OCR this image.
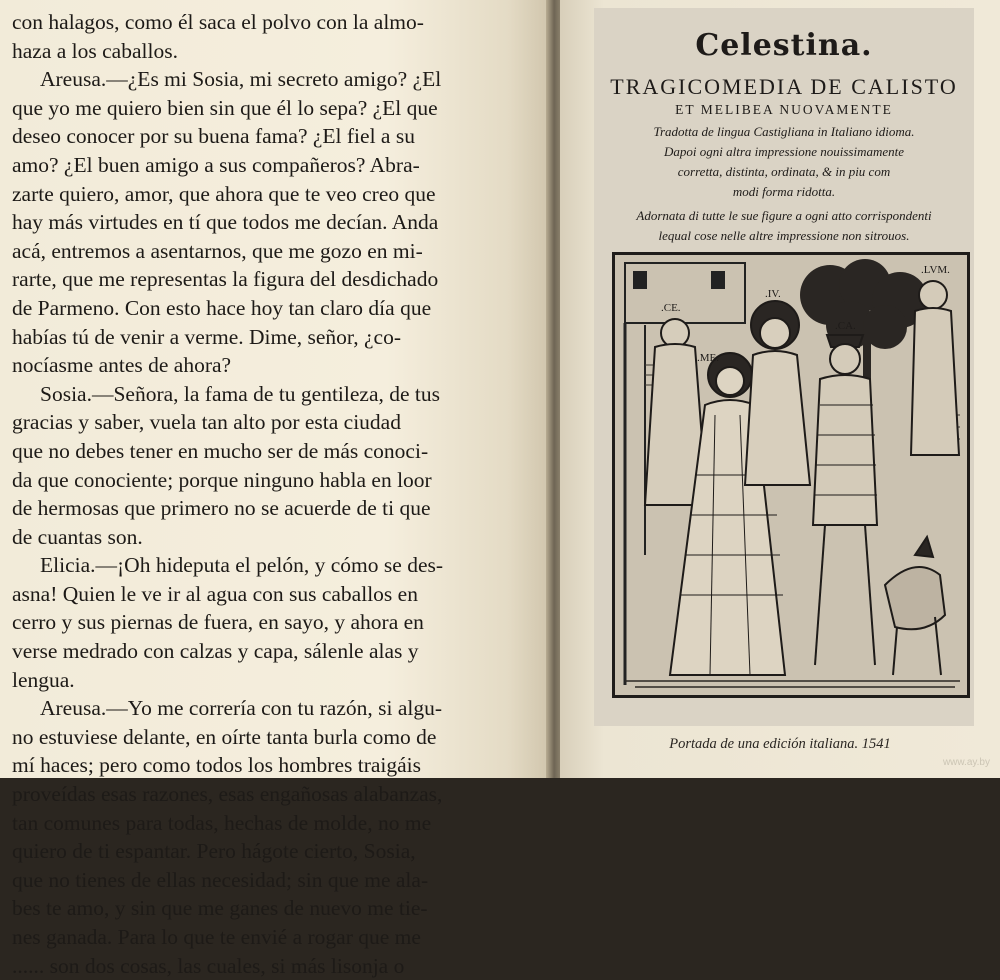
con halagos, como él saca el polvo con la almo-
haza a los caballos.
Areusa.—¿Es mi Sosia, mi secreto amigo? ¿El
que yo me quiero bien sin que él lo sepa? ¿El que
deseo conocer por su buena fama? ¿El fiel a su
amo? ¿El buen amigo a sus compañeros? Abra-
zarte quiero, amor, que ahora que te veo creo que
hay más virtudes en tí que todos me decían. Anda
acá, entremos a asentarnos, que me gozo en mi-
rarte, que me representas la figura del desdichado
de Parmeno. Con esto hace hoy tan claro día que
habías tú de venir a verme. Dime, señor, ¿co-
nocíasme antes de ahora?
Sosia.—Señora, la fama de tu gentileza, de tus
gracias y saber, vuela tan alto por esta ciudad
que no debes tener en mucho ser de más conoci-
da que conociente; porque ninguno habla en loor
de hermosas que primero no se acuerde de ti que
de cuantas son.
Elicia.—¡Oh hideputa el pelón, y cómo se des-
asna! Quien le ve ir al agua con sus caballos en
cerro y sus piernas de fuera, en sayo, y ahora en
verse medrado con calzas y capa, sálenle alas y
lengua.
Areusa.—Yo me correría con tu razón, si algu-
no estuviese delante, en oírte tanta burla como de
mí haces; pero como todos los hombres traigáis
proveídas esas razones, esas engañosas alabanzas,
tan comunes para todas, hechas de molde, no me
quiero de ti espantar. Pero hágote cierto, Sosia,
que no tienes de ellas necesidad; sin que me ala-
bes te amo, y sin que me ganes de nuevo me tie-
nes ganada. Para lo que te envié a rogar que me
...... son dos cosas, las cuales, si más lisonja o
Celestina.
TRAGICOMEDIA DE CALISTO
ET MELIBEA NUOVAMENTE
Tradotta de lingua Castigliana in Italiano idioma.
Dapoi ogni altra impressione nouissimamente
corretta, distinta, ordinata, & in piu com
modi forma ridotta.
Adornata di tutte le sue figure a ogni atto corrispondenti
lequal cose nelle altre impressione non sitrouos.
.CE.
.ME.
.IV.
.CA.
.LVM.
Portada de una edición italiana. 1541
www.ay.by
